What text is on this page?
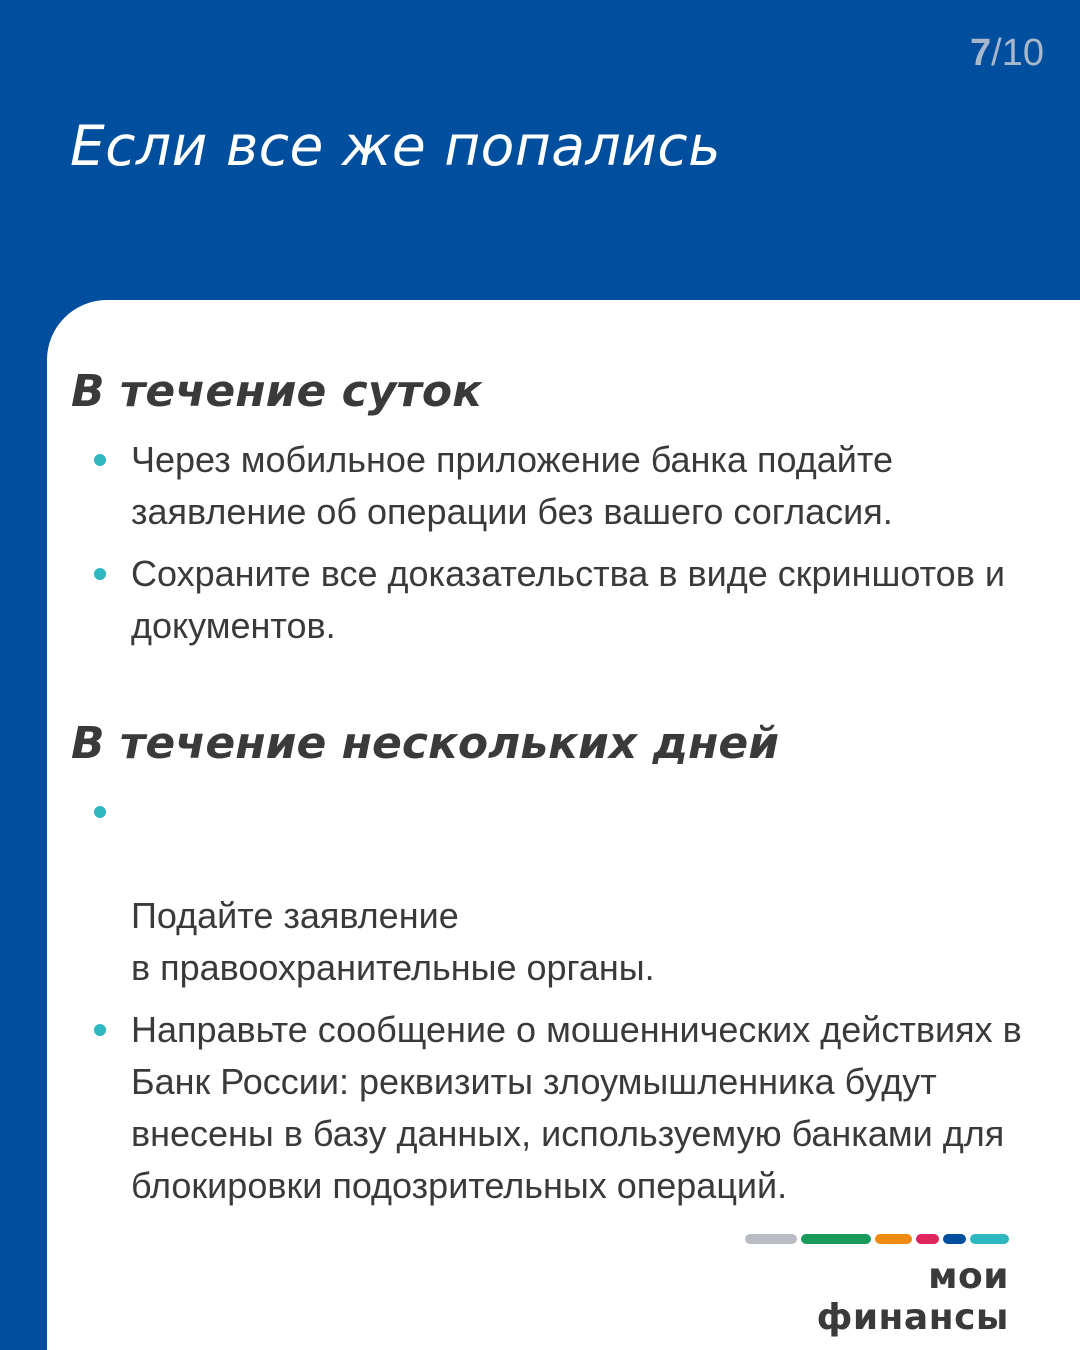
7/10
Если все же попались
В течение суток
Через мобильное приложение банка подайте заявление об операции без вашего согласия.
Сохраните все доказательства в виде скриншотов и документов.
В течение нескольких дней

Подайте заявление
в правоохранительные органы.

Направьте сообщение о мошеннических действиях в Банк России: реквизиты злоумышленника будут внесены в базу данных, используемую банками для блокировки подозрительных операций.
мои финансы
